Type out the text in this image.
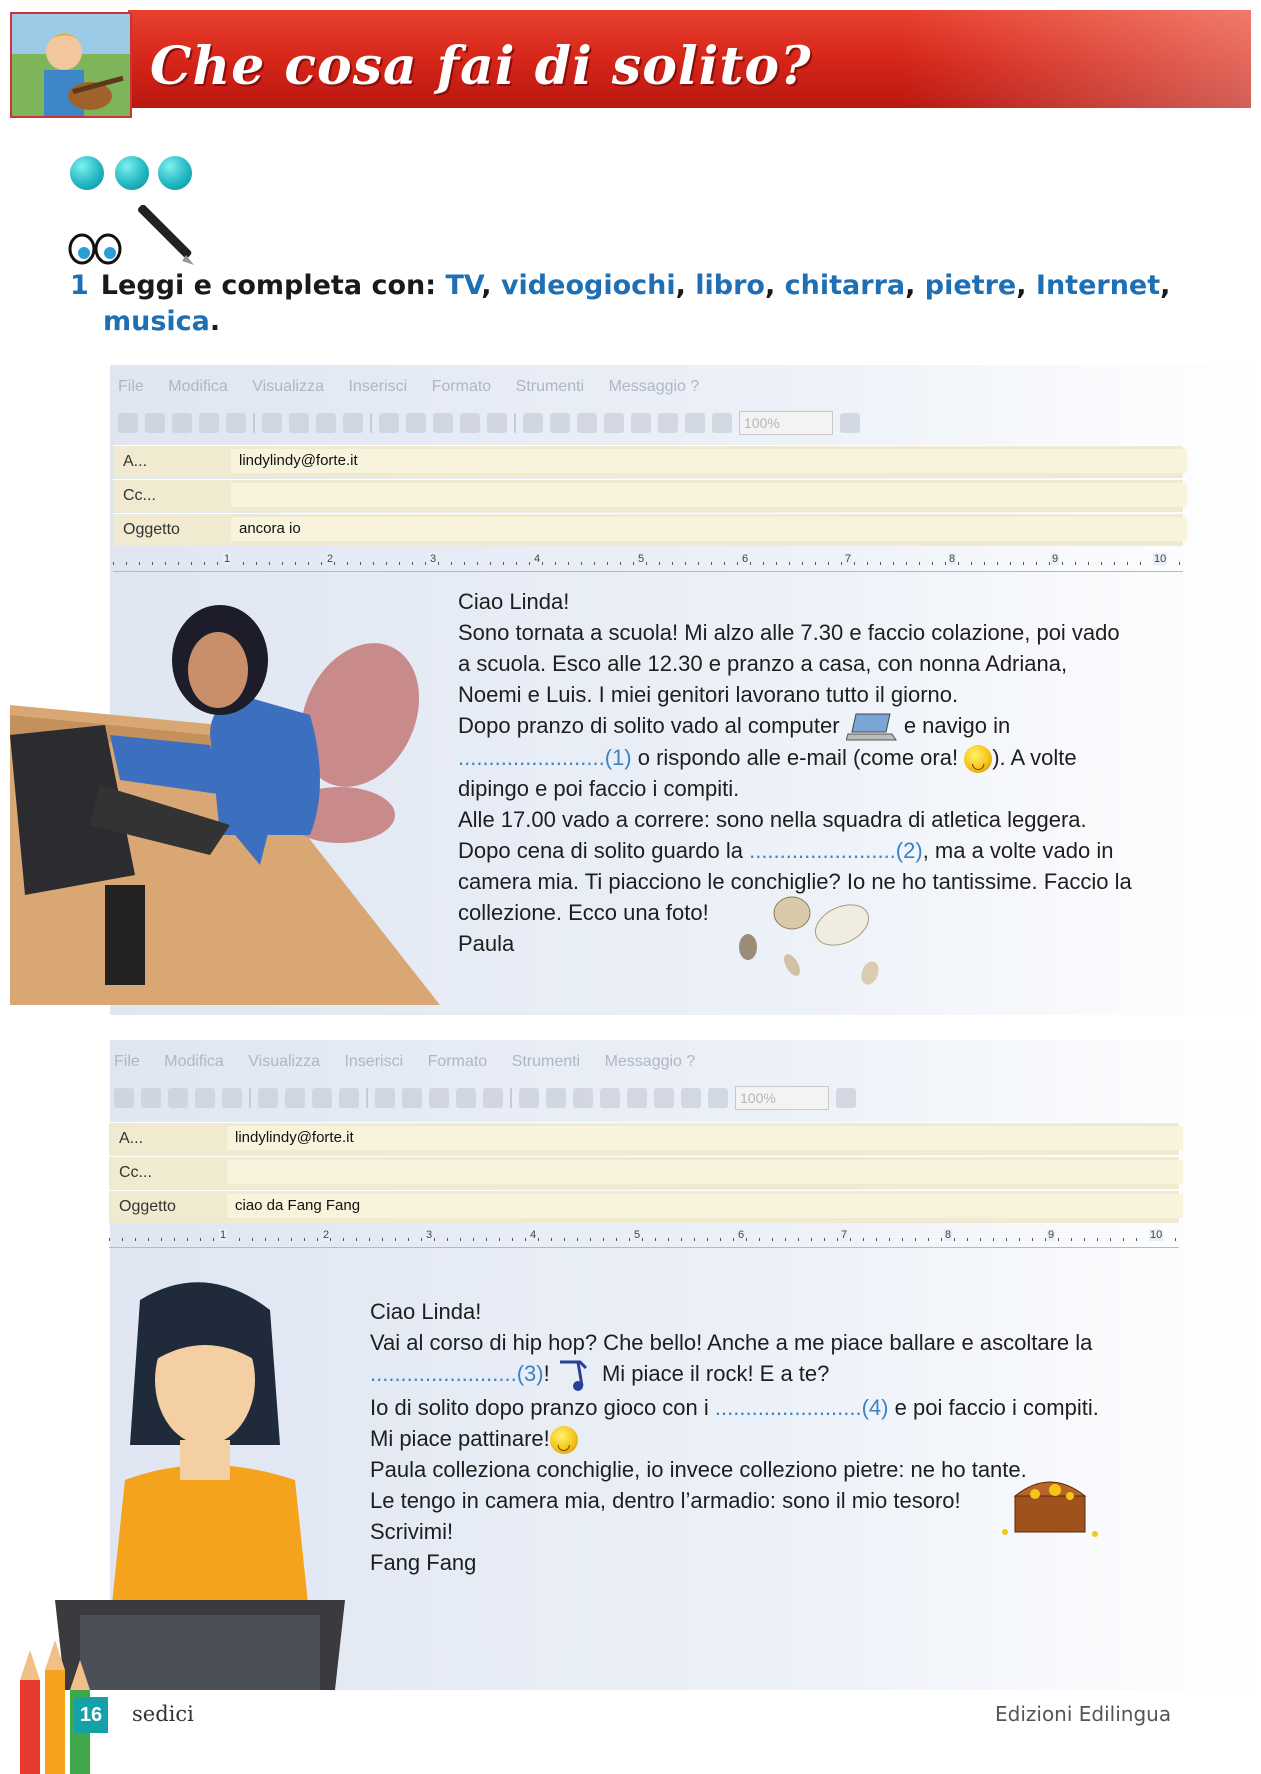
Che cosa fai di solito?
1 Leggi e completa con: TV, videogiochi, libro, chitarra, pietre, Internet,
musica.
File Modifica Visualizza Inserisci Formato Strumenti Messaggio ?
100%
A...	lindylindy@forte.it
Cc...
Oggetto	ancora io
1	2	3	4	5	6	7	8	9	10
Ciao Linda!
Sono tornata a scuola! Mi alzo alle 7.30 e faccio colazione, poi vado
a scuola. Esco alle 12.30 e pranzo a casa, con nonna Adriana,
Noemi e Luis. I miei genitori lavorano tutto il giorno.
Dopo pranzo di solito vado al computer	e navigo in
........................(1) o rispondo alle e-mail (come ora! ◡ ). A volte
dipingo e poi faccio i compiti.
Alle 17.00 vado a correre: sono nella squadra di atletica leggera.
Dopo cena di solito guardo la ........................(2), ma a volte vado in
camera mia. Ti piacciono le conchiglie? Io ne ho tantissime. Faccio la
collezione. Ecco una foto!
Paula
File Modifica Visualizza Inserisci Formato Strumenti Messaggio ?
100%
A...	lindylindy@forte.it
Cc...
Oggetto	ciao da Fang Fang
1	2	3	4	5	6	7	8	9	10
Ciao Linda!
Vai al corso di hip hop? Che bello! Anche a me piace ballare e ascoltare la
........................(3)! Mi piace il rock! E a te?
Io di solito dopo pranzo gioco con i ........................(4) e poi faccio i compiti.
Mi piace pattinare!◡
Paula colleziona conchiglie, io invece colleziono pietre: ne ho tante.
Le tengo in camera mia, dentro l’armadio: sono il mio tesoro!
Scrivimi!
Fang Fang
16 sedici	Edizioni Edilingua
